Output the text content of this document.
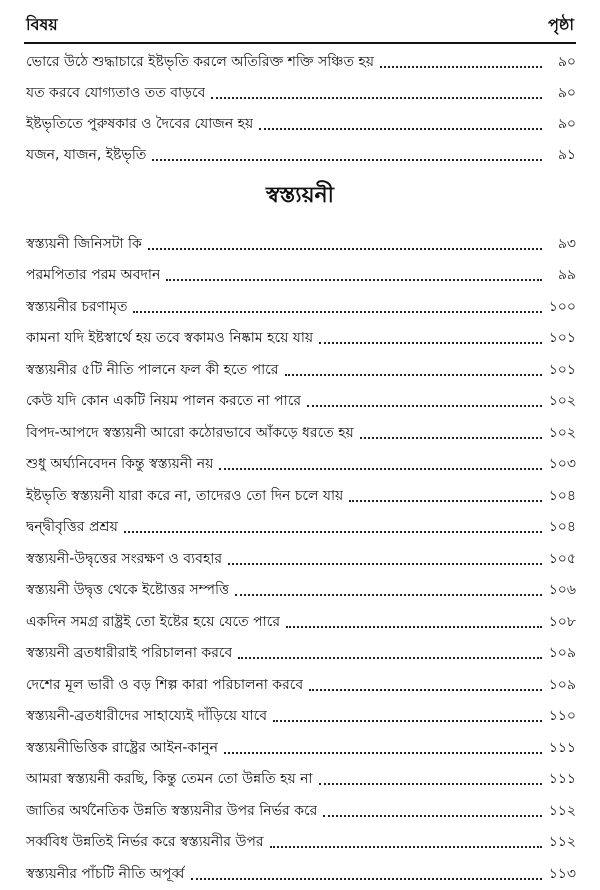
বিষয়	পৃষ্ঠা
ভোরে উঠে শুদ্ধাচারে ইষ্টভৃতি করলে অতিরিক্ত শক্তি সঞ্চিত হয়	৯০
যত করবে যোগ্যতাও তত বাড়বে	৯০
ইষ্টভৃতিতে পুরুষকার ও দৈবের যোজন হয়	৯০
যজন, যাজন, ইষ্টভৃতি	৯১
স্বস্ত্যয়নী
স্বস্ত্যয়নী জিনিসটা কি	৯৩
পরমপিতার পরম অবদান	৯৯
স্বস্ত্যয়নীর চরণামৃত	১০০
কামনা যদি ইষ্টস্বার্থে হয় তবে স্বকামও নিষ্কাম হয়ে যায়	১০১
স্বস্ত্যয়নীর ৫টি নীতি পালনে ফল কী হতে পারে	১০১
কেউ যদি কোন একটি নিয়ম পালন করতে না পারে	১০২
বিপদ-আপদে স্বস্ত্যয়নী আরো কঠোরভাবে আঁকড়ে ধরতে হয়	১০২
শুধু অর্ঘ্যনিবেদন কিন্তু স্বস্ত্যয়নী নয়	১০৩
ইষ্টভৃতি স্বস্ত্যয়নী যারা করে না, তাদেরও তো দিন চলে যায়	১০৪
দ্বন্দ্বীবৃত্তির প্রশ্রয়	১০৪
স্বস্ত্যয়নী-উদ্বৃত্তের সংরক্ষণ ও ব্যবহার	১০৫
স্বস্ত্যয়নী উদ্বৃত্ত থেকে ইষ্টোত্তর সম্পত্তি	১০৬
একদিন সমগ্র রাষ্ট্রই তো ইষ্টের হয়ে যেতে পারে	১০৮
স্বস্ত্যয়নী ব্রতধারীরাই পরিচালনা করবে	১০৯
দেশের মূল ভারী ও বড় শিল্প কারা পরিচালনা করবে	১০৯
স্বস্ত্যয়নী-ব্রতধারীদের সাহায্যেই দাঁড়িয়ে যাবে	১১০
স্বস্ত্যয়নীভিত্তিক রাষ্ট্রের আইন-কানুন	১১১
আমরা স্বস্ত্যয়নী করছি, কিন্তু তেমন তো উন্নতি হয় না	১১১
জাতির অর্থনৈতিক উন্নতি স্বস্ত্যয়নীর উপর নির্ভর করে	১১২
সর্ব্ববিধ উন্নতিই নির্ভর করে স্বস্ত্যয়নীর উপর	১১২
স্বস্ত্যয়নীর পাঁচটি নীতি অপূর্ব্ব	১১৩
